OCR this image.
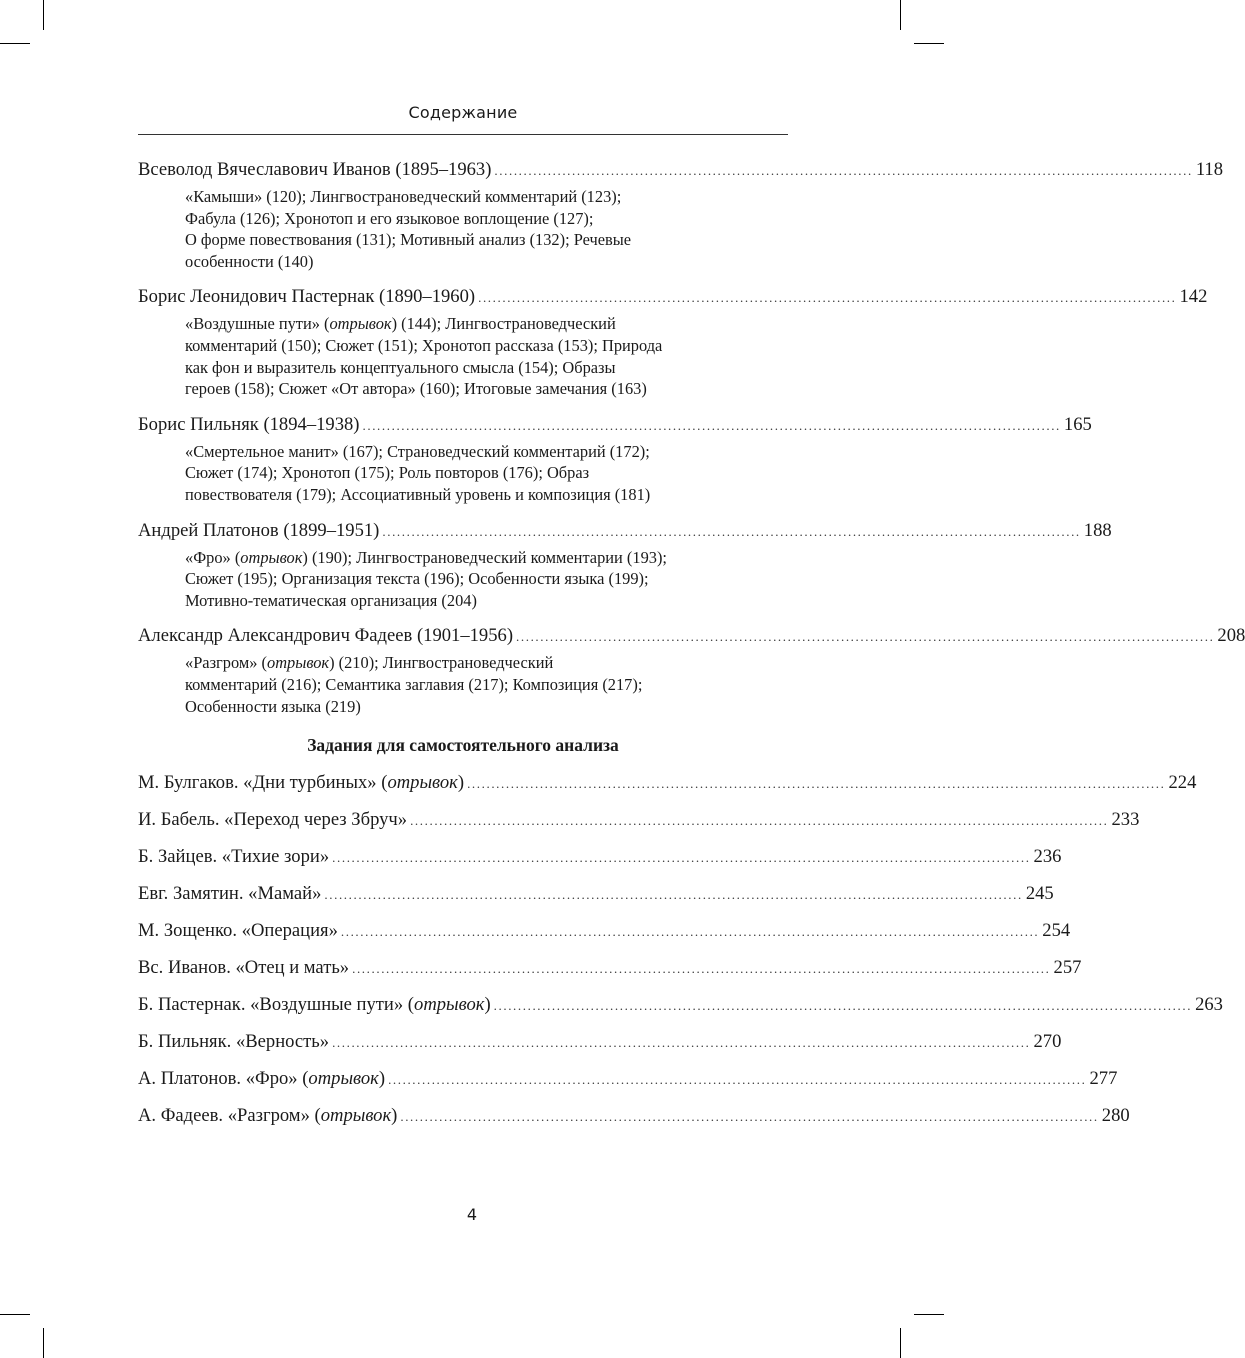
Содержание
Всеволод Вячеславович Иванов (1895–1963) ................................................................................................................................................ 118
«Камыши» (120); Лингвострановедческий комментарий (123);
Фабула (126); Хронотоп и его языковое воплощение (127);
О форме повествования (131); Мотивный анализ (132); Речевые
особенности (140)
Борис Леонидович Пастернак (1890–1960) ................................................................................................................................................ 142
«Воздушные пути» (отрывок) (144); Лингвострановедческий
комментарий (150); Сюжет (151); Хронотоп рассказа (153); Природа
как фон и выразитель концептуального смысла (154); Образы
героев (158); Сюжет «От автора» (160); Итоговые замечания (163)
Борис Пильняк (1894–1938) ................................................................................................................................................ 165
«Смертельное манит» (167); Страноведческий комментарий (172);
Сюжет (174); Хронотоп (175); Роль повторов (176); Образ
повествователя (179); Ассоциативный уровень и композиция (181)
Андрей Платонов (1899–1951) ................................................................................................................................................ 188
«Фро» (отрывок) (190); Лингвострановедческий комментарии (193);
Сюжет (195); Организация текста (196); Особенности языка (199);
Мотивно-тематическая организация (204)
Александр Александрович Фадеев (1901–1956) ................................................................................................................................................ 208
«Разгром» (отрывок) (210); Лингвострановедческий
комментарий (216); Семантика заглавия (217); Композиция (217);
Особенности языка (219)
Задания для самостоятельного анализа
М. Булгаков. «Дни турбиных» (отрывок) ................................................................................................................................................ 224
И. Бабель. «Переход через Збруч» ................................................................................................................................................ 233
Б. Зайцев. «Тихие зори» ................................................................................................................................................ 236
Евг. Замятин. «Мамай» ................................................................................................................................................ 245
М. Зощенко. «Операция» ................................................................................................................................................ 254
Вс. Иванов. «Отец и мать» ................................................................................................................................................ 257
Б. Пастернак. «Воздушные пути» (отрывок) ................................................................................................................................................ 263
Б. Пильняк. «Верность» ................................................................................................................................................ 270
А. Платонов. «Фро» (отрывок) ................................................................................................................................................ 277
А. Фадеев. «Разгром» (отрывок) ................................................................................................................................................ 280
4
